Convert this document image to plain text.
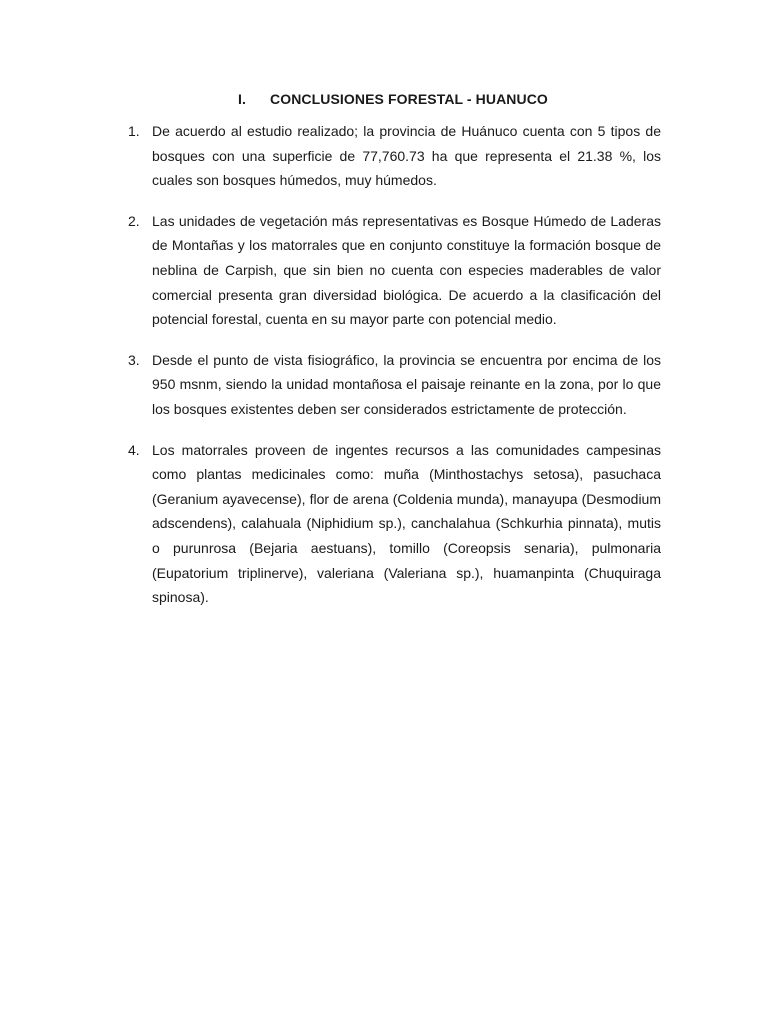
I. CONCLUSIONES FORESTAL - HUANUCO
1. De acuerdo al estudio realizado; la provincia de Huánuco cuenta con 5 tipos de bosques con una superficie de 77,760.73 ha que representa el 21.38 %, los cuales son bosques húmedos, muy húmedos.
2. Las unidades de vegetación más representativas es Bosque Húmedo de Laderas de Montañas y los matorrales que en conjunto constituye la formación bosque de neblina de Carpish, que sin bien no cuenta con especies maderables de valor comercial presenta gran diversidad biológica. De acuerdo a la clasificación del potencial forestal, cuenta en su mayor parte con potencial medio.
3. Desde el punto de vista fisiográfico, la provincia se encuentra por encima de los 950 msnm, siendo la unidad montañosa el paisaje reinante en la zona, por lo que los bosques existentes deben ser considerados estrictamente de protección.
4. Los matorrales proveen de ingentes recursos a las comunidades campesinas como plantas medicinales como: muña (Minthostachys setosa), pasuchaca (Geranium ayavecense), flor de arena (Coldenia munda), manayupa (Desmodium adscendens), calahuala (Niphidium sp.), canchalahua (Schkurhia pinnata), mutis o purunrosa (Bejaria aestuans), tomillo (Coreopsis senaria), pulmonaria (Eupatorium triplinerve), valeriana (Valeriana sp.), huamanpinta (Chuquiraga spinosa).
